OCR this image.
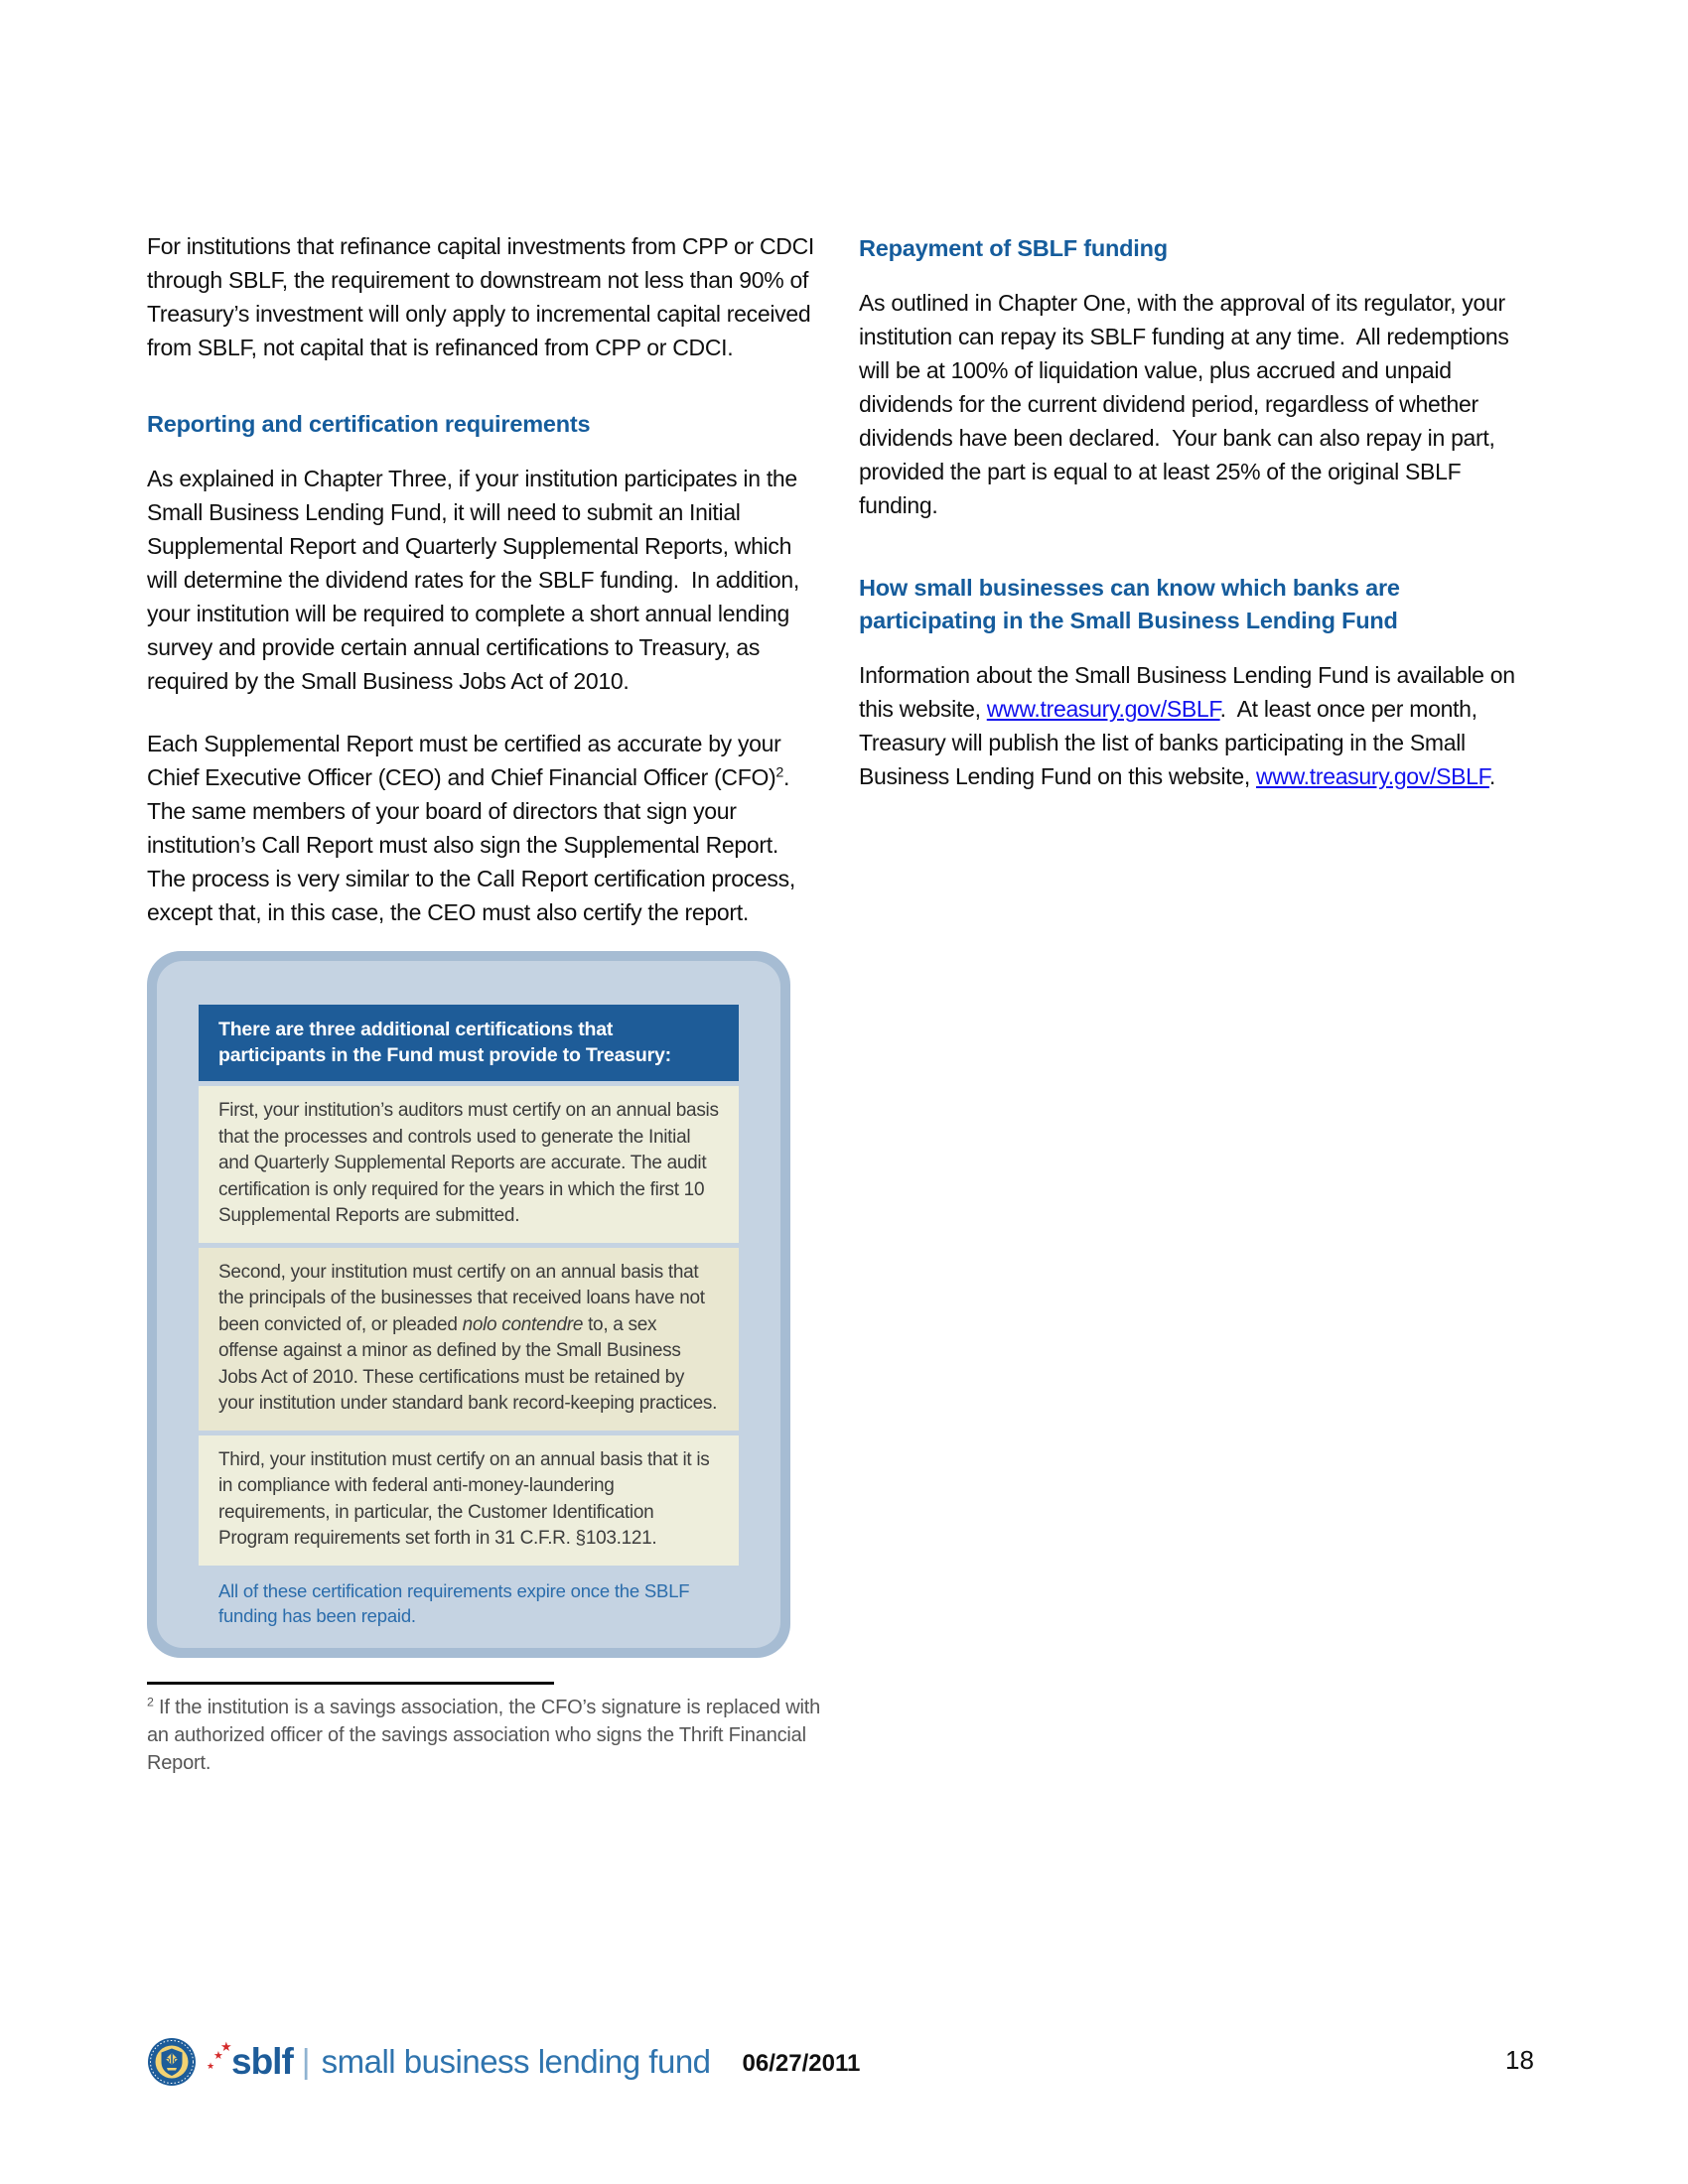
For institutions that refinance capital investments from CPP or CDCI through SBLF, the requirement to downstream not less than 90% of Treasury’s investment will only apply to incremental capital received from SBLF, not capital that is refinanced from CPP or CDCI.

Reporting and certification requirements

As explained in Chapter Three, if your institution participates in the Small Business Lending Fund, it will need to submit an Initial Supplemental Report and Quarterly Supplemental Reports, which will determine the dividend rates for the SBLF funding.  In addition, your institution will be required to complete a short annual lending survey and provide certain annual certifications to Treasury, as required by the Small Business Jobs Act of 2010.

Each Supplemental Report must be certified as accurate by your Chief Executive Officer (CEO) and Chief Financial Officer (CFO)$^2$.  The same members of your board of directors that sign your institution’s Call Report must also sign the Supplemental Report.  The process is very similar to the Call Report certification process, except that, in this case, the CEO must also certify the report.

There are three additional certifications that participants in the Fund must provide to Treasury:
First, your institution’s auditors must certify on an annual basis that the processes and controls used to generate the Initial and Quarterly Supplemental Reports are accurate. The audit certification is only required for the years in which the first 10 Supplemental Reports are submitted.
Second, your institution must certify on an annual basis that the principals of the businesses that received loans have not been convicted of, or pleaded nolo contendre to, a sex offense against a minor as defined by the Small Business Jobs Act of 2010. These certifications must be retained by your institution under standard bank record-keeping practices.
Third, your institution must certify on an annual basis that it is in compliance with federal anti-money-laundering requirements, in particular, the Customer Identification Program requirements set forth in 31 C.F.R. §103.121.
All of these certification requirements expire once the SBLF funding has been repaid.

$^2$ If the institution is a savings association, the CFO’s signature is replaced with an authorized officer of the savings association who signs the Thrift Financial Report.

Repayment of SBLF funding

As outlined in Chapter One, with the approval of its regulator, your institution can repay its SBLF funding at any time.  All redemptions will be at 100% of liquidation value, plus accrued and unpaid dividends for the current dividend period, regardless of whether dividends have been declared.  Your bank can also repay in part, provided the part is equal to at least 25% of the original SBLF funding.

How small businesses can know which banks are participating in the Small Business Lending Fund

Information about the Small Business Lending Fund is available on this website, www.treasury.gov/SBLF.  At least once per month, Treasury will publish the list of banks participating in the Small Business Lending Fund on this website, www.treasury.gov/SBLF.

★
★
★ sblf | small business lending fund 06/27/2011	18
